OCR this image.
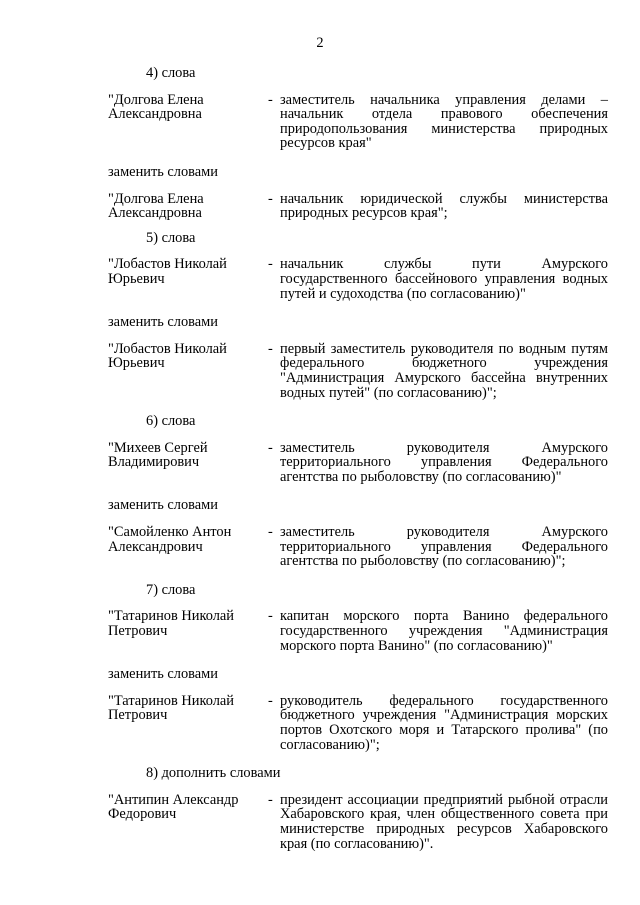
2
4) слова
"Долгова Елена Александровна
- заместитель начальника управления делами – начальник отдела правового обеспечения природопользования министерства природных ресурсов края"
заменить словами
"Долгова Елена Александровна
- начальник юридической службы министерства природных ресурсов края";
5) слова
"Лобастов Николай Юрьевич
- начальник службы пути Амурского государственного бассейнового управления водных путей и судоходства (по согласованию)"
заменить словами
"Лобастов Николай Юрьевич
- первый заместитель руководителя по водным путям федерального бюджетного учреждения "Администрация Амурского бассейна внутренних водных путей" (по согласованию)";
6) слова
"Михеев Сергей Владимирович
- заместитель руководителя Амурского территориального управления Федерального агентства по рыболовству (по согласованию)"
заменить словами
"Самойленко Антон Александрович
- заместитель руководителя Амурского территориального управления Федерального агентства по рыболовству (по согласованию)";
7) слова
"Татаринов Николай Петрович
- капитан морского порта Ванино федерального государственного учреждения "Администрация морского порта Ванино" (по согласованию)"
заменить словами
"Татаринов Николай Петрович
- руководитель федерального государственного бюджетного учреждения "Администрация морских портов Охотского моря и Татарского пролива" (по согласованию)";
8) дополнить словами
"Антипин Александр Федорович
- президент ассоциации предприятий рыбной отрасли Хабаровского края, член общественного совета при министерстве природных ресурсов Хабаровского края (по согласованию)".
